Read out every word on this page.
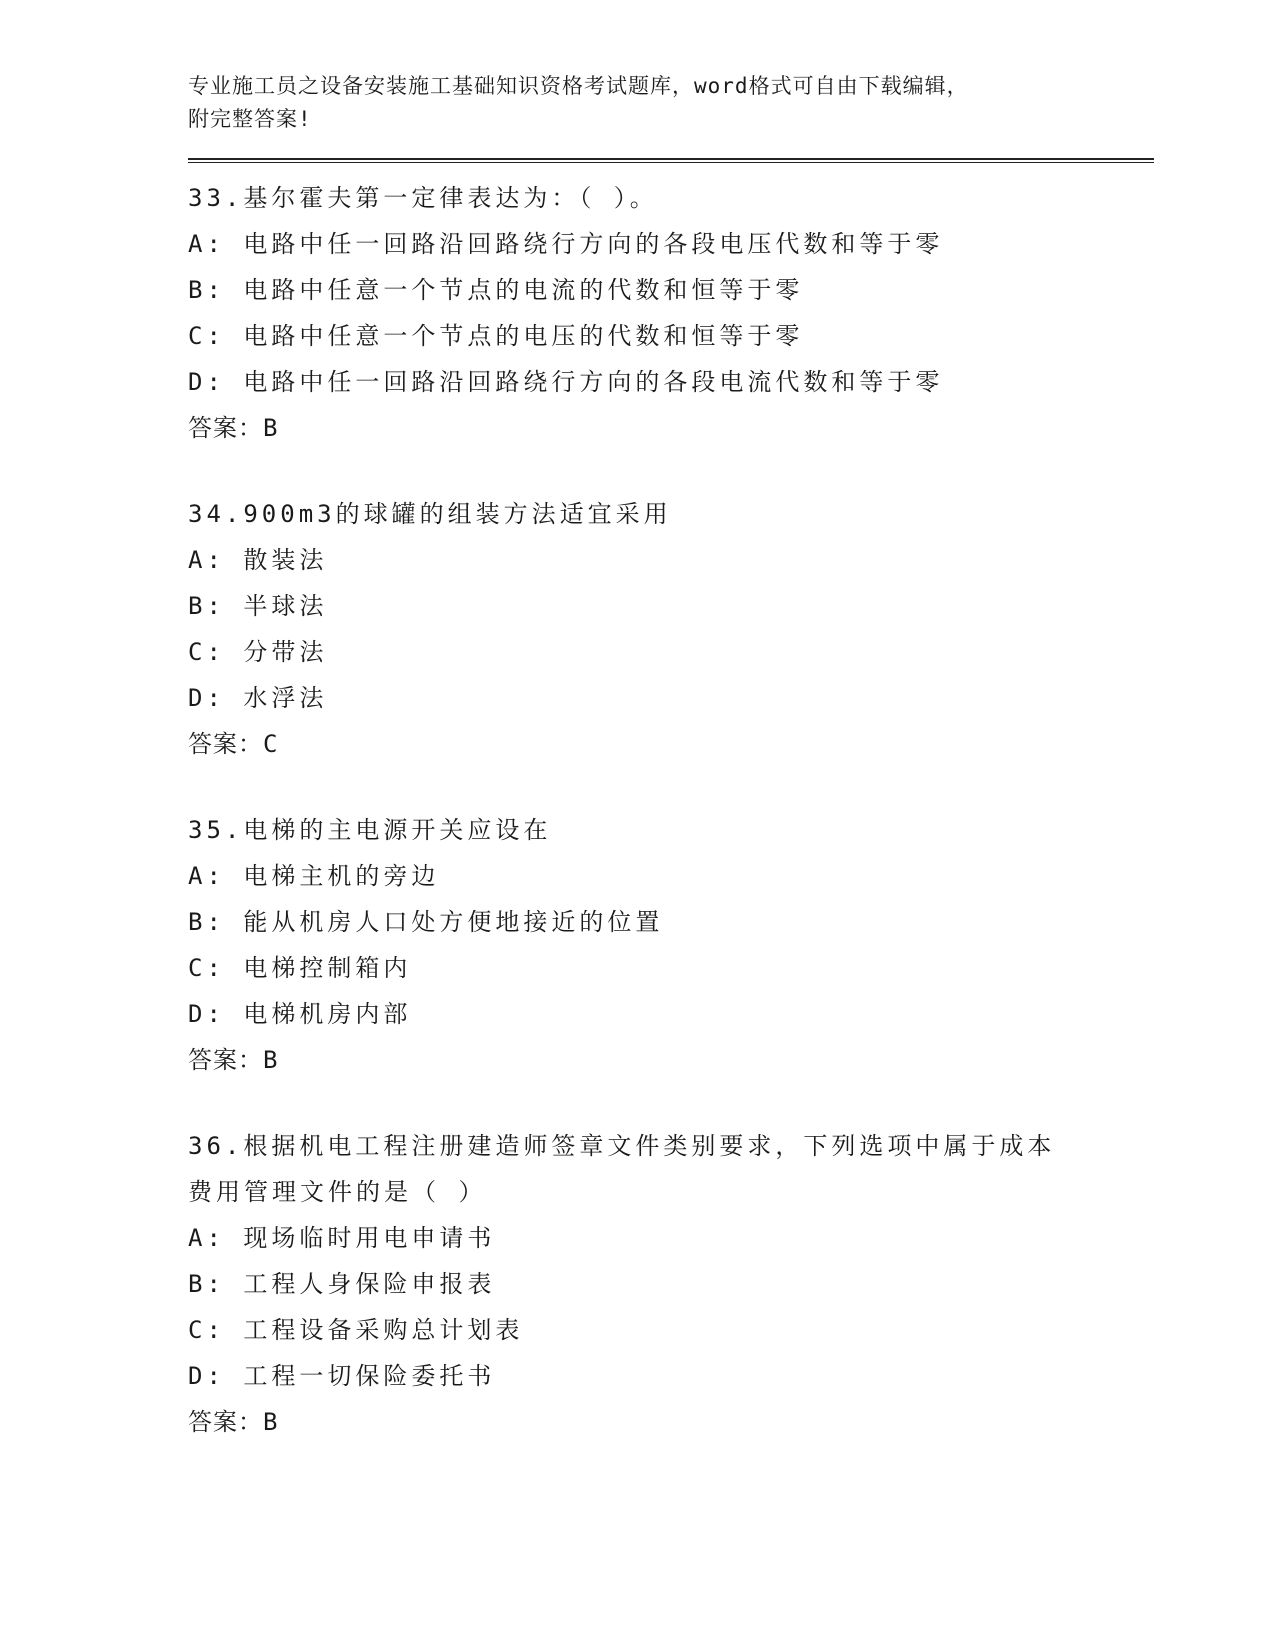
专业施工员之设备安装施工基础知识资格考试题库，word格式可自由下载编辑，
附完整答案!
33.基尔霍夫第一定律表达为：（ ）。
A: 电路中任一回路沿回路绕行方向的各段电压代数和等于零
B: 电路中任意一个节点的电流的代数和恒等于零
C: 电路中任意一个节点的电压的代数和恒等于零
D: 电路中任一回路沿回路绕行方向的各段电流代数和等于零
答案：B
34.900m3的球罐的组装方法适宜采用
A: 散装法
B: 半球法
C: 分带法
D: 水浮法
答案：C
35.电梯的主电源开关应设在
A: 电梯主机的旁边
B: 能从机房人口处方便地接近的位置
C: 电梯控制箱内
D: 电梯机房内部
答案：B
36.根据机电工程注册建造师签章文件类别要求，下列选项中属于成本费用管理文件的是（ ）
A: 现场临时用电申请书
B: 工程人身保险申报表
C: 工程设备采购总计划表
D: 工程一切保险委托书
答案：B
